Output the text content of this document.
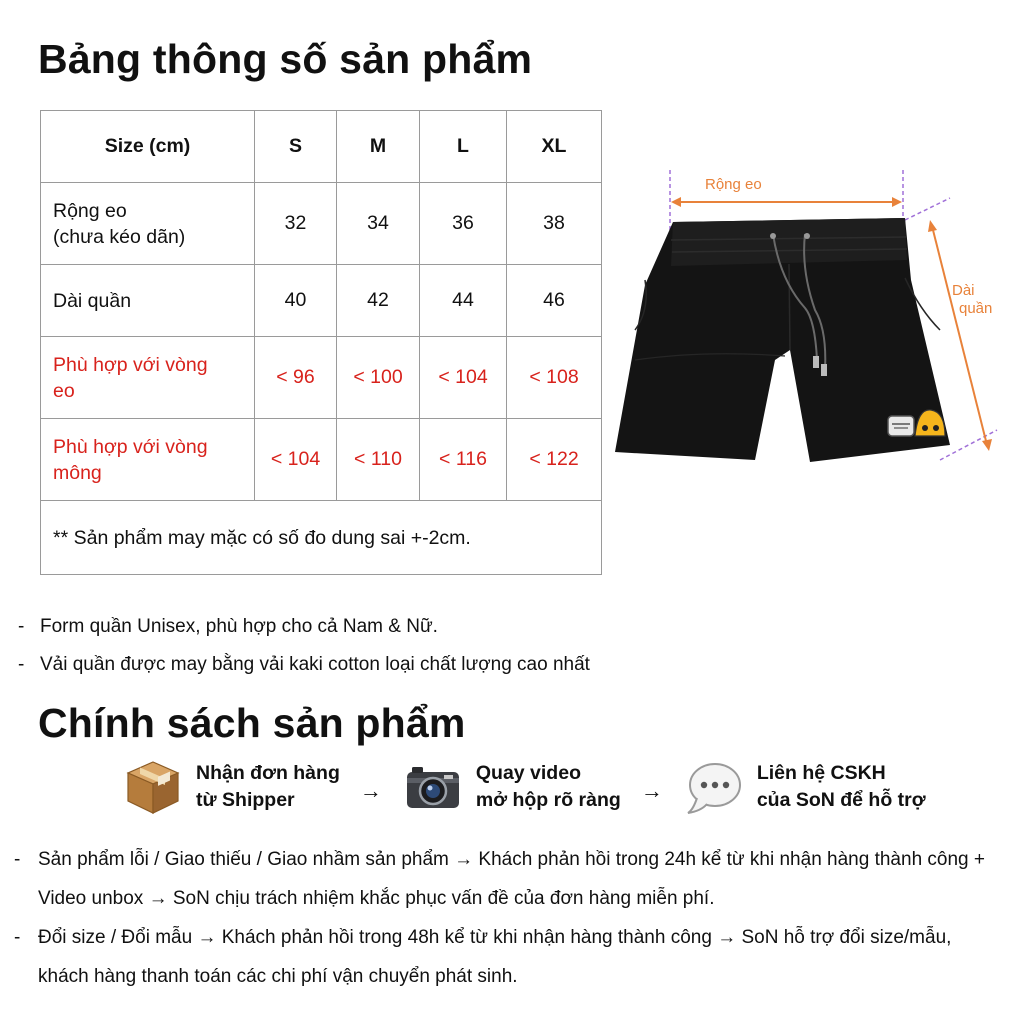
Bảng thông số sản phẩm
Size (cm)	S	M	L	XL
Rộng eo
(chưa kéo dãn)	32	34	36	38
Dài quần	40	42	44	46
Phù hợp với vòng
eo	< 96	< 100	< 104	< 108
Phù hợp với vòng
mông	< 104	< 110	< 116	< 122
** Sản phẩm may mặc có số đo dung sai +-2cm.				
Rộng eo
Dài
quần
- Form quần Unisex, phù hợp cho cả Nam & Nữ.
- Vải quần được may bằng vải kaki cotton loại chất lượng cao nhất
Chính sách sản phẩm
Nhận đơn hàng
từ Shipper	→
Quay video
mở hộp rõ ràng →
Liên hệ CSKH
của SoN để hỗ trợ
- Sản phẩm lỗi / Giao thiếu / Giao nhầm sản phẩm → Khách phản hồi trong 24h kể từ khi nhận hàng thành công + Video unbox → SoN chịu trách nhiệm khắc phục vấn đề của đơn hàng miễn phí.
- Đổi size / Đổi mẫu → Khách phản hồi trong 48h kể từ khi nhận hàng thành công → SoN hỗ trợ đổi size/mẫu, khách hàng thanh toán các chi phí vận chuyển phát sinh.
